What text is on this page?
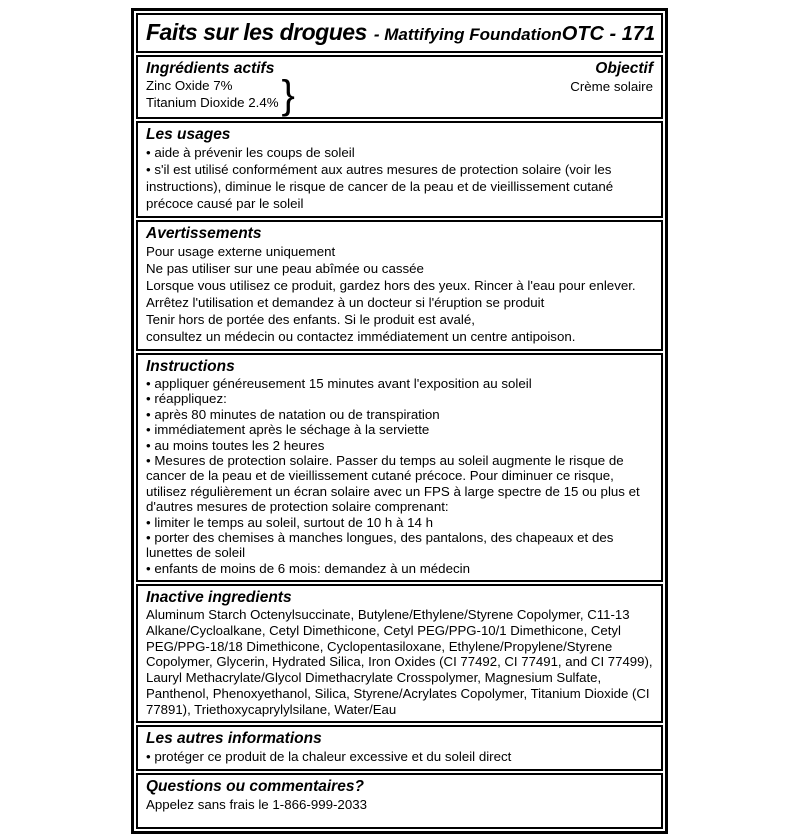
Faits sur les drogues - Mattifying Foundation OTC - 171
Ingrédients actifs
Zinc Oxide 7%
Titanium Dioxide 2.4% }
Objectif
Crème solaire
Les usages
• aide à prévenir les coups de soleil
• s'il est utilisé conformément aux autres mesures de protection solaire (voir les instructions), diminue le risque de cancer de la peau et de vieillissement cutané précoce causé par le soleil
Avertissements
Pour usage externe uniquement
Ne pas utiliser sur une peau abîmée ou cassée
Lorsque vous utilisez ce produit, gardez hors des yeux. Rincer à l'eau pour enlever.
Arrêtez l'utilisation et demandez à un docteur si l'éruption se produit
Tenir hors de portée des enfants. Si le produit est avalé,
consultez un médecin ou contactez immédiatement un centre antipoison.
Instructions
• appliquer généreusement 15 minutes avant l'exposition au soleil
• réappliquez:
• après 80 minutes de natation ou de transpiration
• immédiatement après le séchage à la serviette
• au moins toutes les 2 heures
• Mesures de protection solaire. Passer du temps au soleil augmente le risque de cancer de la peau et de vieillissement cutané précoce. Pour diminuer ce risque, utilisez régulièrement un écran solaire avec un FPS à large spectre de 15 ou plus et d'autres mesures de protection solaire comprenant:
• limiter le temps au soleil, surtout de 10 h à 14 h
• porter des chemises à manches longues, des pantalons, des chapeaux et des lunettes de soleil
• enfants de moins de 6 mois: demandez à un médecin
Inactive ingredients
Aluminum Starch Octenylsuccinate, Butylene/Ethylene/Styrene Copolymer, C11-13 Alkane/Cycloalkane, Cetyl Dimethicone, Cetyl PEG/PPG-10/1 Dimethicone, Cetyl PEG/PPG-18/18 Dimethicone, Cyclopentasiloxane, Ethylene/Propylene/Styrene Copolymer, Glycerin, Hydrated Silica, Iron Oxides (CI 77492, CI 77491, and CI 77499), Lauryl Methacrylate/Glycol Dimethacrylate Crosspolymer, Magnesium Sulfate, Panthenol, Phenoxyethanol, Silica, Styrene/Acrylates Copolymer, Titanium Dioxide (CI 77891), Triethoxycaprylylsilane, Water/Eau
Les autres informations
• protéger ce produit de la chaleur excessive et du soleil direct
Questions ou commentaires?
Appelez sans frais le 1-866-999-2033
